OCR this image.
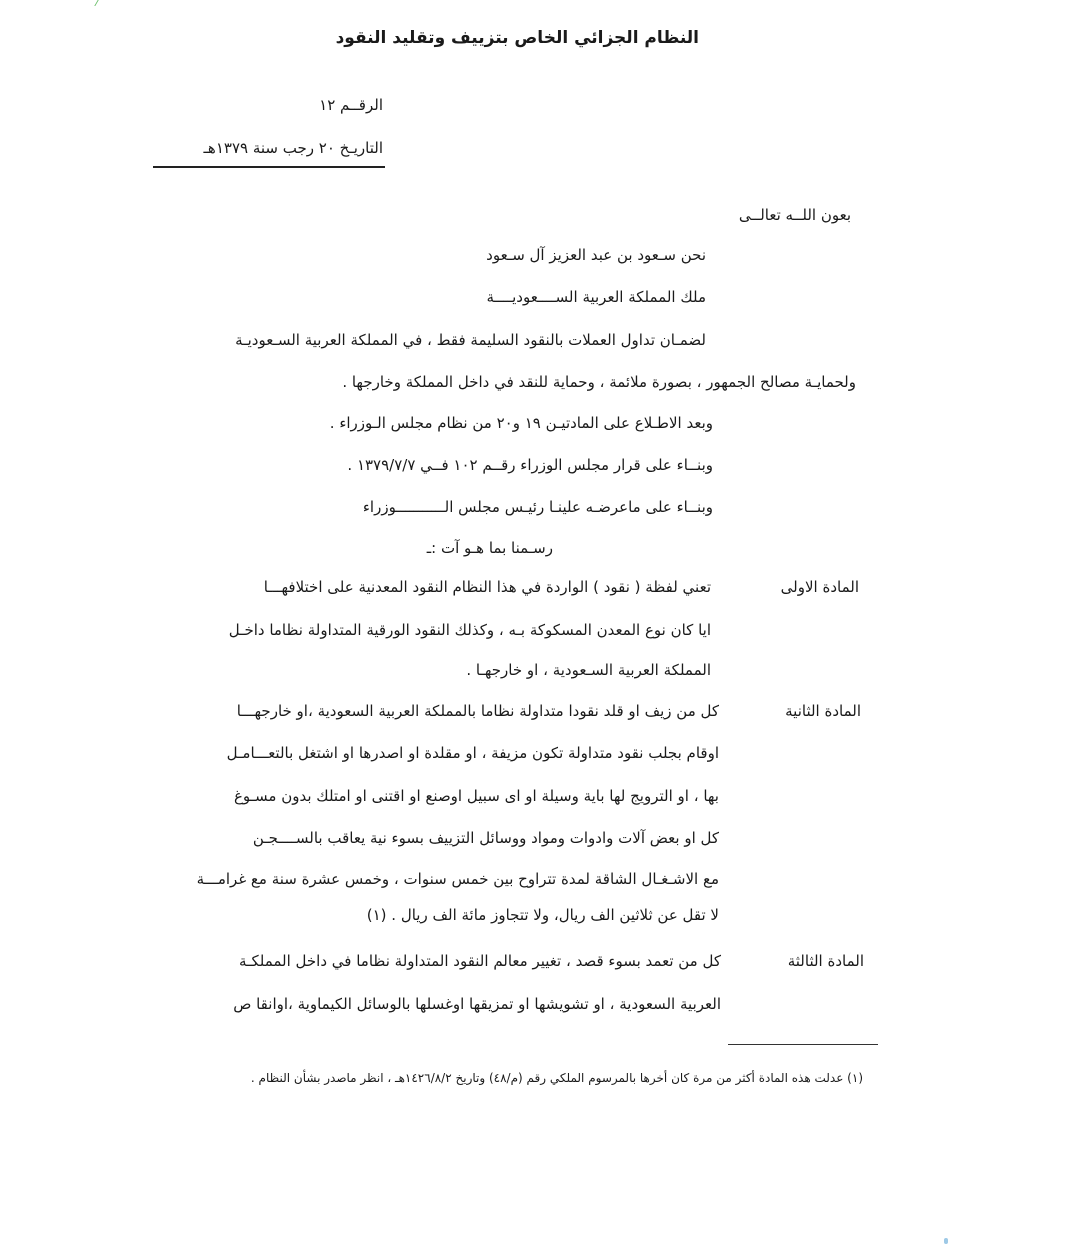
النظام الجزائي الخاص بتزييف وتقليد النقود
الرقــم ١٢
التاريـخ ٢٠ رجب سنة ١٣٧٩هـ
بعون اللــه تعالــى
نحن سـعود بن عبد العزيز آل سـعود
ملك المملكة العربية الســــعوديــــة
لضمـان تداول العملات بالنقود السليمة فقط ، في المملكة العربية السـعوديـة
ولحمايـة مصالح الجمهور ، بصورة ملائمة ، وحماية للنقد في داخل المملكة وخارجها .
وبعد الاطـلاع على المادتيـن ١٩ و٢٠ من نظام مجلس الـوزراء .
وبنــاء على قرار مجلس الوزراء رقــم ١٠٢ فــي ١٣٧٩/٧/٧ .
وبنــاء على ماعرضـه علينـا رئيـس مجلس الـــــــــــوزراء
رسـمنا بما هـو آت :ـ
المادة الاولى
تعني لفظة ( نقود ) الواردة في هذا النظام النقود المعدنية على اختلافهـــا
ايا كان نوع المعدن المسكوكة بـه ، وكذلك النقود الورقية المتداولة نظاما داخـل
المملكة العربية السـعودية ، او خارجهـا .
المادة الثانية
كل من زيف او قلد نقودا متداولة نظاما بالمملكة العربية السعودية ،او خارجهـــا
اوقام بجلب نقود متداولة تكون مزيفة ، او مقلدة او اصدرها او اشتغل بالتعـــامـل
بها ، او الترويج لها باية وسيلة او اى سبيل اوصنع او اقتنى او امتلك بدون مسـوغ
كل او بعض آلات وادوات ومواد ووسائل التزييف بسوء نية يعاقب بالســــجـن
مع الاشـغـال الشاقة لمدة تتراوح بين خمس سنوات ، وخمس عشرة سنة مع غرامـــة
لا تقل عن ثلاثين الف ريال، ولا تتجاوز مائة الف ريال . (١)
المادة الثالثة
كل من تعمد بسوء قصد ، تغيير معالم النقود المتداولة نظاما في داخل المملكـة
العربية السعودية ، او تشويشها او تمزيقها اوغسلها بالوسائل الكيماوية ،اوانقا ص
(١) عدلت هذه المادة أكثر من مرة كان أخرها بالمرسوم الملكي رقم (م/٤٨) وتاريخ ١٤٢٦/٨/٢هـ ، انظر ماصدر بشأن النظام .
